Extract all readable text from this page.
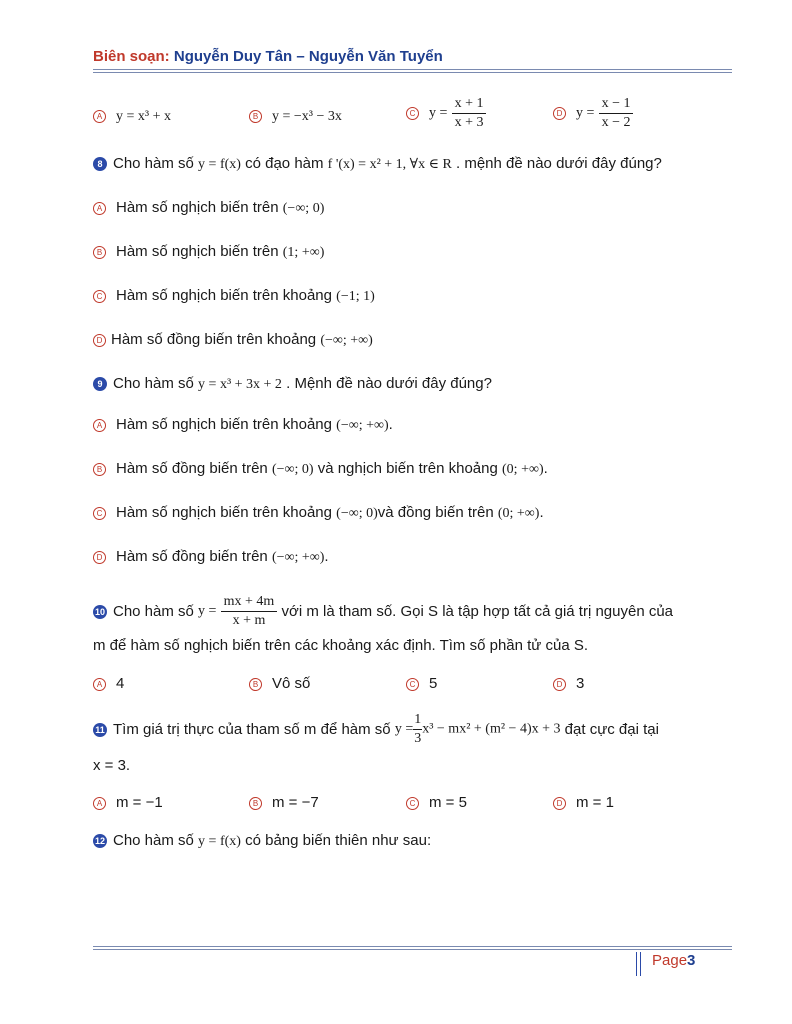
Biên soạn: Nguyễn Duy Tân – Nguyễn Văn Tuyển
A y = x³ + x	B y = −x³ − 3x	C $y = \frac{x + 1}{x + 3}$	D $y = \frac{x - 1}{x - 2}$
8 Cho hàm số y = f(x) có đạo hàm f '(x) = x² + 1, ∀x ∈ R . mệnh đề nào dưới đây đúng?
A Hàm số nghịch biến trên (−∞; 0)
B Hàm số nghịch biến trên (1; +∞)
C Hàm số nghịch biến trên khoảng (−1; 1)
D Hàm số đồng biến trên khoảng (−∞; +∞)
9 Cho hàm số y = x³ + 3x + 2 . Mệnh đề nào dưới đây đúng?
A Hàm số nghịch biến trên khoảng (−∞; +∞).
B Hàm số đồng biến trên (−∞; 0) và nghịch biến trên khoảng (0; +∞).
C Hàm số nghịch biến trên khoảng (−∞; 0)và đồng biến trên (0; +∞).
D Hàm số đồng biến trên (−∞; +∞).
10 Cho hàm số $y = \frac{mx + 4m}{x + m}$ với m là tham số. Gọi S là tập hợp tất cả giá trị nguyên của
m để hàm số nghịch biến trên các khoảng xác định. Tìm số phần tử của S.
A 4	B Vô số	C 5	D 3
11 Tìm giá trị thực của tham số m để hàm số $y = \frac{1}{3} x^3 - mx^2 + (m^2 - 4)x + 3$ đạt cực đại tại
x = 3.
A m = −1	B m = −7	C m = 5	D m = 1
12 Cho hàm số y = f(x) có bảng biến thiên như sau:
Page3
